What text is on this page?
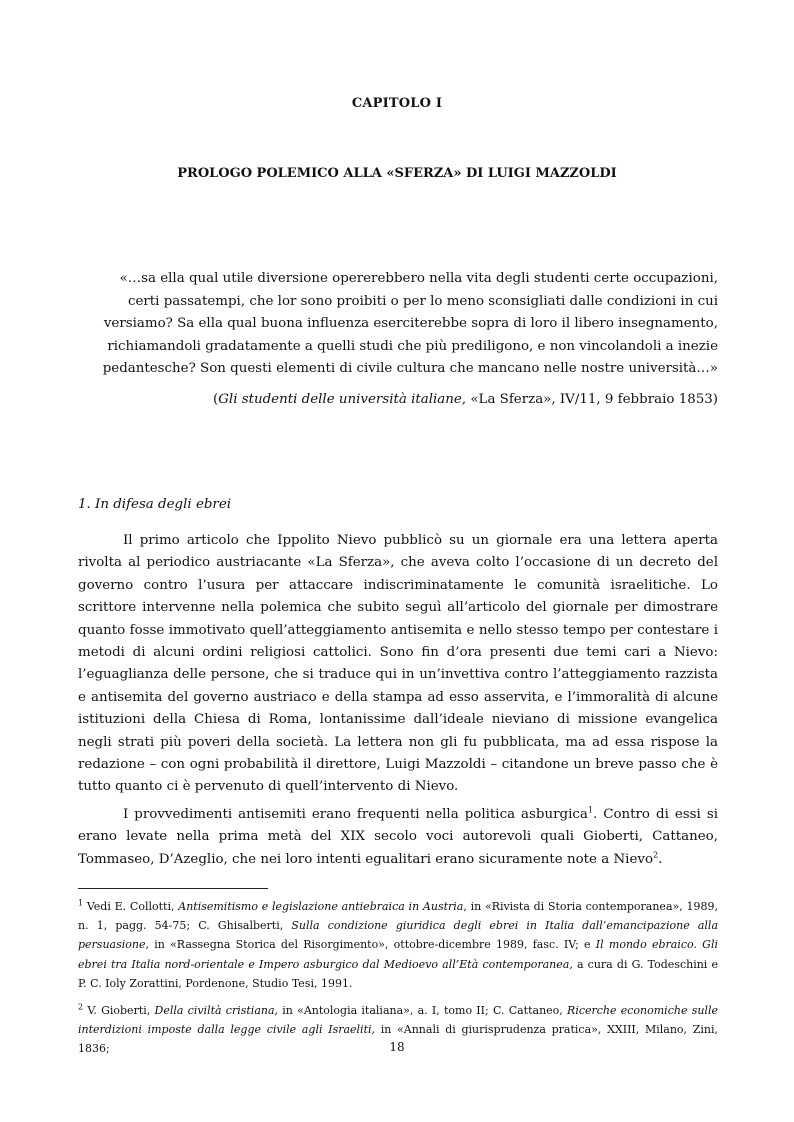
CAPITOLO I
PROLOGO POLEMICO ALLA «SFERZA» DI LUIGI MAZZOLDI
«…sa ella qual utile diversione opererebbero nella vita degli studenti certe occupazioni,
certi passatempi, che lor sono proibiti o per lo meno sconsigliati dalle condizioni in cui
versiamo? Sa ella qual buona influenza eserciterebbe sopra di loro il libero insegnamento,
richiamandoli gradatamente a quelli studi che più prediligono, e non vincolandoli a inezie
pedantesche? Son questi elementi di civile cultura che mancano nelle nostre università…»
(Gli studenti delle università italiane, «La Sferza», IV/11, 9 febbraio 1853)
1. In difesa degli ebrei

Il primo articolo che Ippolito Nievo pubblicò su un giornale era una lettera aperta rivolta al periodico austriacante «La Sferza», che aveva colto l’occasione di un decreto del governo contro l’usura per attaccare indiscriminatamente le comunità israelitiche. Lo scrittore intervenne nella polemica che subito seguì all’articolo del giornale per dimostrare quanto fosse immotivato quell’atteggiamento antisemita e nello stesso tempo per contestare i metodi di alcuni ordini religiosi cattolici. Sono fin d’ora presenti due temi cari a Nievo: l’eguaglianza delle persone, che si traduce qui in un’invettiva contro l’atteggiamento razzista e antisemita del governo austriaco e della stampa ad esso asservita, e l’immoralità di alcune istituzioni della Chiesa di Roma, lontanissime dall’ideale nieviano di missione evangelica negli strati più poveri della società. La lettera non gli fu pubblicata, ma ad essa rispose la redazione – con ogni probabilità il direttore, Luigi Mazzoldi – citandone un breve passo che è tutto quanto ci è pervenuto di quell’intervento di Nievo.

I provvedimenti antisemiti erano frequenti nella politica asburgica$^1$. Contro di essi si erano levate nella prima metà del XIX secolo voci autorevoli quali Gioberti, Cattaneo, Tommaseo, D’Azeglio, che nei loro intenti egualitari erano sicuramente note a Nievo$^2$.

$^1$ Vedi E. Collotti, Antisemitismo e legislazione antiebraica in Austria, in «Rivista di Storia contemporanea», 1989, n. 1, pagg. 54-75; C. Ghisalberti, Sulla condizione giuridica degli ebrei in Italia dall’emancipazione alla persuasione, in «Rassegna Storica del Risorgimento», ottobre-dicembre 1989, fasc. IV; e Il mondo ebraico. Gli ebrei tra Italia nord-orientale e Impero asburgico dal Medioevo all’Età contemporanea, a cura di G. Todeschini e P. C. Ioly Zorattini, Pordenone, Studio Tesi, 1991.

$^2$ V. Gioberti, Della civiltà cristiana, in «Antologia italiana», a. I, tomo II; C. Cattaneo, Ricerche economiche sulle interdizioni imposte dalla legge civile agli Israeliti, in «Annali di giurisprudenza pratica», XXIII, Milano, Zini, 1836;	18
